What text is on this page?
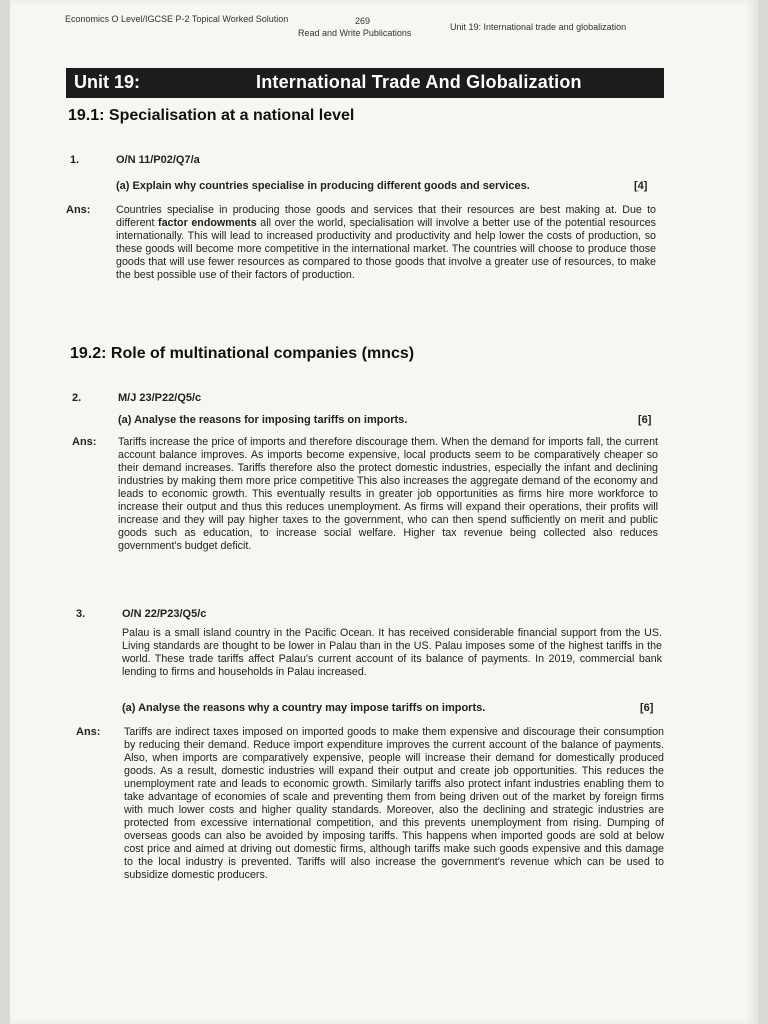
Economics O Level/IGCSE P-2 Topical Worked Solution	269
Read and Write Publications
Unit 19: International trade and globalization
Unit 19:	International Trade And Globalization
19.1: Specialisation at a national level
1.	O/N 11/P02/Q7/a
(a) Explain why countries specialise in producing different goods and services.	[4]
Ans: Countries specialise in producing those goods and services that their resources are best making at. Due to different factor endowments all over the world, specialisation will involve a better use of the potential resources internationally. This will lead to increased productivity and productivity and help lower the costs of production, so these goods will become more competitive in the international market. The countries will choose to produce those goods that will use fewer resources as compared to those goods that involve a greater use of resources, to make the best possible use of their factors of production.
19.2: Role of multinational companies (mncs)
2.	M/J 23/P22/Q5/c
(a) Analyse the reasons for imposing tariffs on imports.	[6]
Ans: Tariffs increase the price of imports and therefore discourage them. When the demand for imports fall, the current account balance improves. As imports become expensive, local products seem to be comparatively cheaper so their demand increases. Tariffs therefore also the protect domestic industries, especially the infant and declining industries by making them more price competitive This also increases the aggregate demand of the economy and leads to economic growth. This eventually results in greater job opportunities as firms hire more workforce to increase their output and thus this reduces unemployment. As firms will expand their operations, their profits will increase and they will pay higher taxes to the government, who can then spend sufficiently on merit and public goods such as education, to increase social welfare. Higher tax revenue being collected also reduces government's budget deficit.
3.	O/N 22/P23/Q5/c
Palau is a small island country in the Pacific Ocean. It has received considerable financial support from the US. Living standards are thought to be lower in Palau than in the US. Palau imposes some of the highest tariffs in the world. These trade tariffs affect Palau's current account of its balance of payments. In 2019, commercial bank lending to firms and households in Palau increased.
(a) Analyse the reasons why a country may impose tariffs on imports.	[6]
Ans: Tariffs are indirect taxes imposed on imported goods to make them expensive and discourage their consumption by reducing their demand. Reduce import expenditure improves the current account of the balance of payments. Also, when imports are comparatively expensive, people will increase their demand for domestically produced goods. As a result, domestic industries will expand their output and create job opportunities. This reduces the unemployment rate and leads to economic growth. Similarly tariffs also protect infant industries enabling them to take advantage of economies of scale and preventing them from being driven out of the market by foreign firms with much lower costs and higher quality standards. Moreover, also the declining and strategic industries are protected from excessive international competition, and this prevents unemployment from rising. Dumping of overseas goods can also be avoided by imposing tariffs. This happens when imported goods are sold at below cost price and aimed at driving out domestic firms, although tariffs make such goods expensive and this damage to the local industry is prevented. Tariffs will also increase the government's revenue which can be used to subsidize domestic producers.
